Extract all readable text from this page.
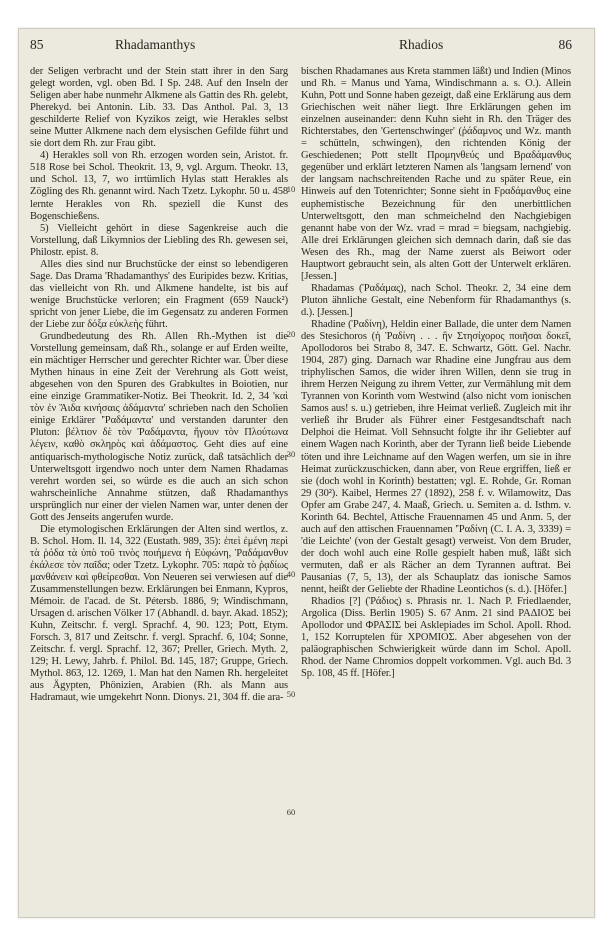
85	Rhadamanthys	Rhadios	86

der Seligen verbracht und der Stein statt ihrer in den Sarg gelegt worden, vgl. oben Bd. I Sp. 248. Auf den Inseln der Seligen aber habe nunmehr Alkmene als Gattin des Rh. gelebt, Pherekyd. bei Antonin. Lib. 33. Das Anthol. Pal. 3, 13 geschilderte Relief von Kyzikos zeigt, wie Herakles selbst seine Mutter Alkmene nach dem elysischen Gefilde führt und sie dort dem Rh. zur Frau gibt.

4) Herakles soll von Rh. erzogen worden sein, Aristot. fr. 518 Rose bei Schol. Theokrit. 13, 9, vgl. Argum. Theokr. 13, und Schol. 13, 7, wo irrtümlich Hylas statt Herakles als Zögling des Rh. genannt wird. Nach Tzetz. Lykophr. 50 u. 458 lernte Herakles von Rh. speziell die Kunst des Bogenschießens.

5) Vielleicht gehört in diese Sagenkreise auch die Vorstellung, daß Likymnios der Liebling des Rh. gewesen sei, Philostr. epist. 8.

Alles dies sind nur Bruchstücke der einst so lebendigeren Sage. Das Drama 'Rhadamanthys' des Euripides bezw. Kritias, das vielleicht von Rh. und Alkmene handelte, ist bis auf wenige Bruchstücke verloren; ein Fragment (659 Nauck²) spricht von jener Liebe, die im Gegensatz zu anderen Formen der Liebe zur δόξα εὐκλεὴς führt.

Grundbedeutung des Rh. Allen Rh.-Mythen ist die Vorstellung gemeinsam, daß Rh., solange er auf Erden weilte, ein mächtiger Herrscher und gerechter Richter war. Über diese Mythen hinaus in eine Zeit der Verehrung als Gott weist, abgesehen von den Spuren des Grabkultes in Boiotien, nur eine einzige Grammatiker-Notiz. Bei Theokrit. Id. 2, 34 'καὶ τὸν ἐν Ἅιδα κινήσαις ἀδάμαντα' schrieben nach den Scholien einige Erklärer 'Ῥαδάμαντα' und verstanden darunter den Pluton: βέλτιον δὲ τὸν Ῥαδάμαντα, ἤγουν τὸν Πλούτωνα λέγειν, καθὸ σκληρὸς καὶ ἀδάμαστος. Geht dies auf eine antiquarisch-mythologische Notiz zurück, daß tatsächlich der Unterweltsgott irgendwo noch unter dem Namen Rhadamas verehrt worden sei, so würde es die auch an sich schon wahrscheinliche Annahme stützen, daß Rhadamanthys ursprünglich nur einer der vielen Namen war, unter denen der Gott des Jenseits angerufen wurde.

Die etymologischen Erklärungen der Alten sind wertlos, z. B. Schol. Hom. Il. 14, 322 (Eustath. 989, 35): ἐπεὶ ἐμένη περὶ τὰ ῥόδα τὰ ὑπὸ τοῦ τινὸς ποιήμενα ἡ Εὐφώνη, Ῥαδάμανθυν ἐκάλεσε τὸν παῖδα; oder Tzetz. Lykophr. 705: παρὰ τὸ ῥᾳδίως μανθάνειν καὶ φθείρεσθαι. Von Neueren sei verwiesen auf die Zusammenstellungen bezw. Erklärungen bei Enmann, Kypros, Mémoir. de l'acad. de St. Pétersb. 1886, 9; Windischmann, Ursagen d. arischen Völker 17 (Abhandl. d. bayr. Akad. 1852); Kuhn, Zeitschr. f. vergl. Sprachf. 4, 90. 123; Pott, Etym. Forsch. 3, 817 und Zeitschr. f. vergl. Sprachf. 6, 104; Sonne, Zeitschr. f. vergl. Sprachf. 12, 367; Preller, Griech. Myth. 2, 129; H. Lewy, Jahrb. f. Philol. Bd. 145, 187; Gruppe, Griech. Mythol. 863, 12. 1269, 1. Man hat den Namen Rh. hergeleitet aus Ägypten, Phönizien, Arabien (Rh. als Mann aus Hadramaut, wie umgekehrt Nonn. Dionys. 21, 304 ff. die ara-

10
20
30
40
50
60

bischen Rhadamanes aus Kreta stammen läßt) und Indien (Minos und Rh. = Manus und Yama, Windischmann a. s. O.). Allein Kuhn, Pott und Sonne haben gezeigt, daß eine Erklärung aus dem Griechischen weit näher liegt. Ihre Erklärungen gehen im einzelnen auseinander: denn Kuhn sieht in Rh. den Träger des Richterstabes, den 'Gertenschwinger' (ῥάδαμνος und Wz. manth = schütteln, schwingen), den richtenden König der Geschiedenen; Pott stellt Προμηνθεύς und Βραδάμανθυς gegenüber und erklärt letzteren Namen als 'langsam lernend' von der langsam nachschreitenden Rache und zu später Reue, ein Hinweis auf den Totenrichter; Sonne sieht in Ϝραδάμανθυς eine euphemistische Bezeichnung für den unerbittlichen Unterweltsgott, den man schmeichelnd den Nachgiebigen genannt habe von der Wz. vrad = mrad = biegsam, nachgiebig. Alle drei Erklärungen gleichen sich demnach darin, daß sie das Wesen des Rh., mag der Name zuerst als Beiwort oder Hauptwort gebraucht sein, als alten Gott der Unterwelt erklären. [Jessen.]

Rhadamas (Ῥαδάμας), nach Schol. Theokr. 2, 34 eine dem Pluton ähnliche Gestalt, eine Nebenform für Rhadamanthys (s. d.). [Jessen.]

Rhadine (Ῥαδίνη), Heldin einer Ballade, die unter dem Namen des Stesichoros (ἡ Ῥαδίνη . . . ἣν Στησίχορος ποιῆσαι δοκεῖ, Apollodoros bei Strabo 8, 347. E. Schwartz, Gött. Gel. Nachr. 1904, 287) ging. Darnach war Rhadine eine Jungfrau aus dem triphylischen Samos, die wider ihren Willen, denn sie trug in ihrem Herzen Neigung zu ihrem Vetter, zur Vermählung mit dem Tyrannen von Korinth vom Westwind (also nicht vom ionischen Samos aus! s. u.) getrieben, ihre Heimat verließ. Zugleich mit ihr verließ ihr Bruder als Führer einer Festgesandtschaft nach Delphoi die Heimat. Voll Sehnsucht folgte ihr ihr Geliebter auf einem Wagen nach Korinth, aber der Tyrann ließ beide Liebende töten und ihre Leichname auf den Wagen werfen, um sie in ihre Heimat zurückzuschicken, dann aber, von Reue ergriffen, ließ er sie (doch wohl in Korinth) bestatten; vgl. E. Rohde, Gr. Roman 29 (30²). Kaibel, Hermes 27 (1892), 258 f. v. Wilamowitz, Das Opfer am Grabe 247, 4. Maaß, Griech. u. Semiten a. d. Isthm. v. Korinth 64. Bechtel, Attische Frauennamen 45 und Anm. 5, der auch auf den attischen Frauennamen 'Ῥαδίνη (C. I. A. 3, 3339) = 'die Leichte' (von der Gestalt gesagt) verweist. Von dem Bruder, der doch wohl auch eine Rolle gespielt haben muß, läßt sich vermuten, daß er als Rächer an dem Tyrannen auftrat. Bei Pausanias (7, 5, 13), der als Schauplatz das ionische Samos nennt, heißt der Geliebte der Rhadine Leontichos (s. d.). [Höfer.]

Rhadios [?] (Ῥάδιος) s. Phrasis nr. 1. Nach P. Friedlaender, Argolica (Diss. Berlin 1905) S. 67 Anm. 21 sind ΡΑΔΙΟΣ bei Apollodor und ΦΡΑΣΙΣ bei Asklepiades im Schol. Apoll. Rhod. 1, 152 Korruptelen für ΧΡΟΜΙΟΣ. Aber abgesehen von der paläographischen Schwierigkeit würde dann im Schol. Apoll. Rhod. der Name Chromios doppelt vorkommen. Vgl. auch Bd. 3 Sp. 108, 45 ff. [Höfer.]
